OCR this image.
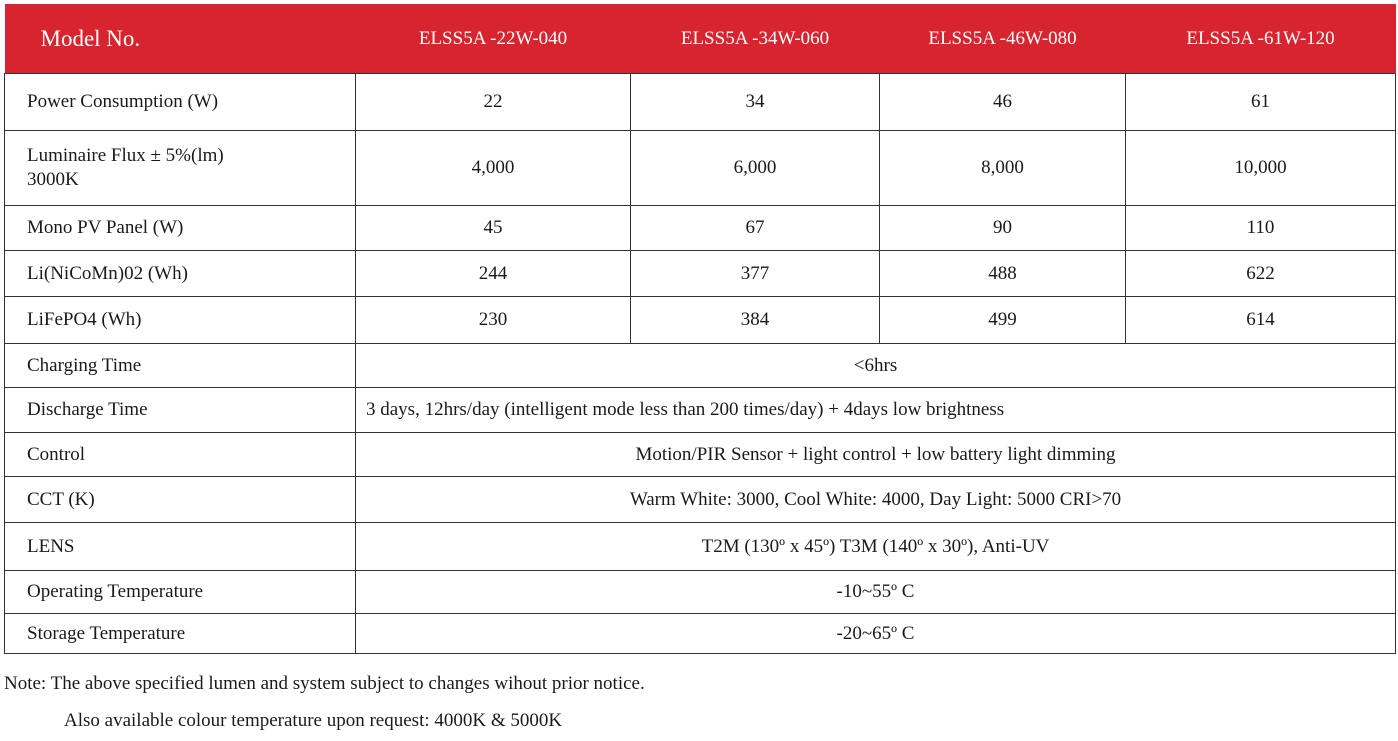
Model No.	ELSS5A -22W-040	ELSS5A -34W-060	ELSS5A -46W-080	ELSS5A -61W-120
Power Consumption (W)	22	34	46	61

Luminaire Flux ± 5%(lm)
3000K	4,000	6,000	8,000	10,000
Mono PV Panel (W)	45	67	90	110
Li(NiCoMn)02 (Wh)	244	377	488	622
LiFePO4 (Wh)	230	384	499	614
Charging Time	<6hrs			
Discharge Time	3 days, 12hrs/day (intelligent mode less than 200 times/day) + 4days low brightness			
Control	Motion/PIR Sensor + light control + low battery light dimming			
CCT (K)	Warm White: 3000, Cool White: 4000, Day Light: 5000 CRI>70			
LENS	T2M (130º x 45º) T3M (140º x 30º), Anti-UV			
Operating Temperature	-10~55º C			
Storage Temperature	-20~65º C			
Note: The above specified lumen and system subject to changes wihout prior notice.
Also available colour temperature upon request: 4000K & 5000K
